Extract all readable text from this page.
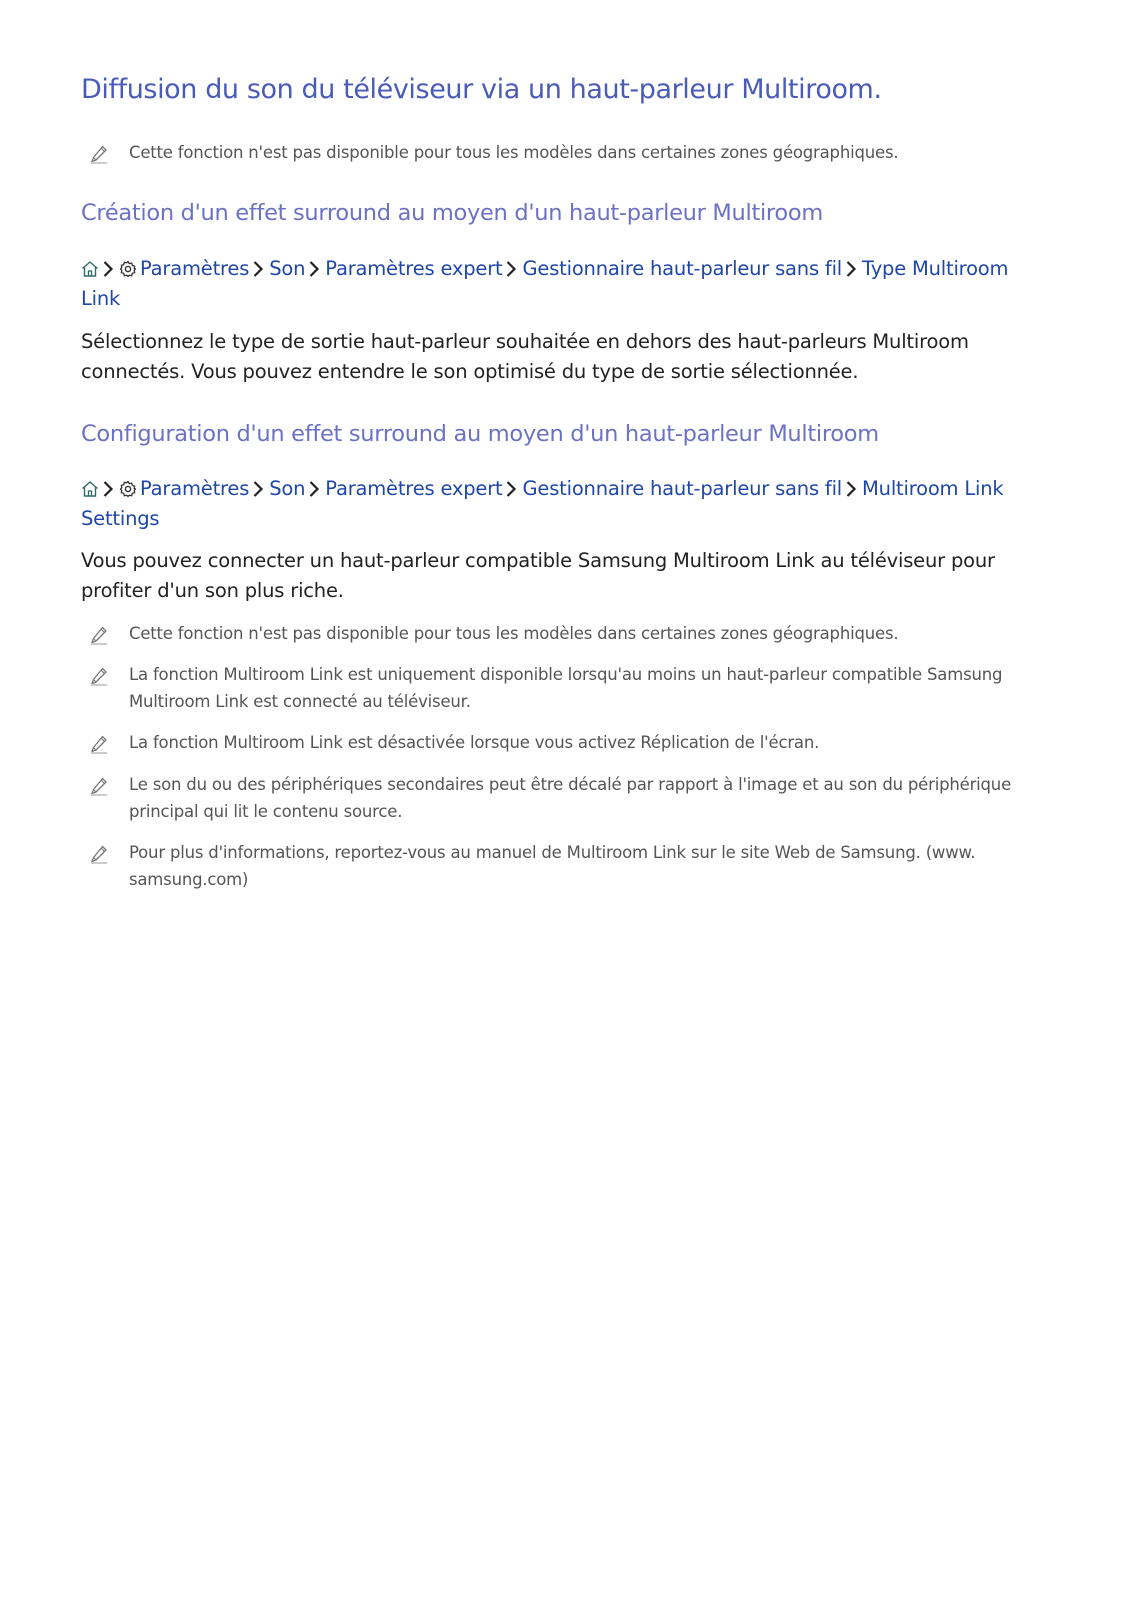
Diffusion du son du téléviseur via un haut-parleur Multiroom.
Cette fonction n'est pas disponible pour tous les modèles dans certaines zones géographiques.
Création d'un effet surround au moyen d'un haut-parleur Multiroom
Paramètres Son Paramètres expert Gestionnaire haut-parleur sans fil Type Multiroom Link

Sélectionnez le type de sortie haut-parleur souhaitée en dehors des haut-parleurs Multiroom connectés. Vous pouvez entendre le son optimisé du type de sortie sélectionnée.

Configuration d'un effet surround au moyen d'un haut-parleur Multiroom
Paramètres Son Paramètres expert Gestionnaire haut-parleur sans fil Multiroom Link Settings

Vous pouvez connecter un haut-parleur compatible Samsung Multiroom Link au téléviseur pour profiter d'un son plus riche.

Cette fonction n'est pas disponible pour tous les modèles dans certaines zones géographiques.
La fonction Multiroom Link est uniquement disponible lorsqu'au moins un haut-parleur compatible Samsung Multiroom Link est connecté au téléviseur.
La fonction Multiroom Link est désactivée lorsque vous activez Réplication de l'écran.
Le son du ou des périphériques secondaires peut être décalé par rapport à l'image et au son du périphérique principal qui lit le contenu source.
Pour plus d'informations, reportez-vous au manuel de Multiroom Link sur le site Web de Samsung. (www. samsung.com)
